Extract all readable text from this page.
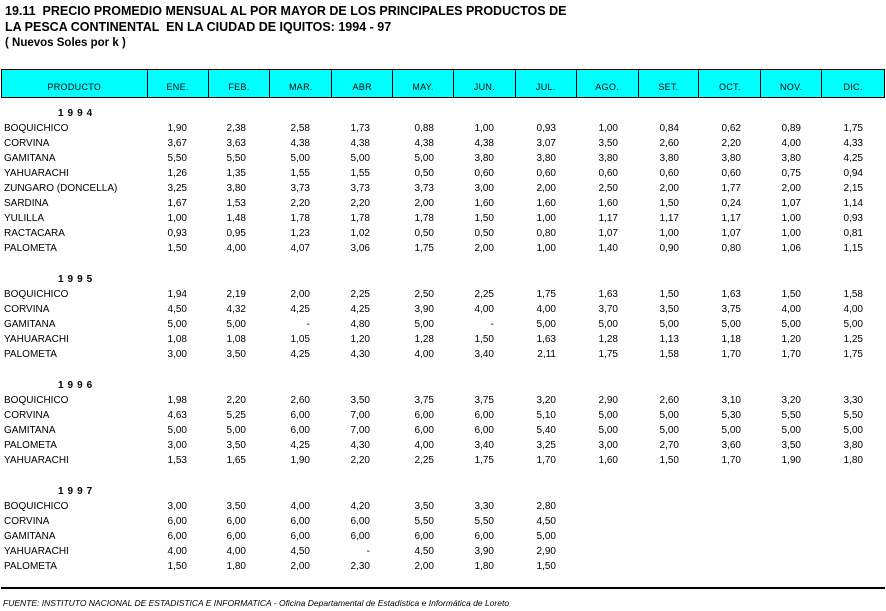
19.11  PRECIO PROMEDIO MENSUAL AL POR MAYOR DE LOS PRINCIPALES PRODUCTOS DE
LA PESCA CONTINENTAL  EN LA CIUDAD DE IQUITOS: 1994 - 97
( Nuevos Soles por k )
PRODUCTO	ENE.	FEB.	MAR.	ABR	MAY.	JUN.	JUL.	AGO.	SET.	OCT.	NOV.	DIC.
1994
BOQUICHICO	1,90	2,38	2,58	1,73	0,88	1,00	0,93	1,00	0,84	0,62	0,89	1,75
CORVINA	3,67	3,63	4,38	4,38	4,38	4,38	3,07	3,50	2,60	2,20	4,00	4,33
GAMITANA	5,50	5,50	5,00	5,00	5,00	3,80	3,80	3,80	3,80	3,80	3,80	4,25
YAHUARACHI	1,26	1,35	1,55	1,55	0,50	0,60	0,60	0,60	0,60	0,60	0,75	0,94
ZUNGARO (DONCELLA)	3,25	3,80	3,73	3,73	3,73	3,00	2,00	2,50	2,00	1,77	2,00	2,15
SARDINA	1,67	1,53	2,20	2,20	2,00	1,60	1,60	1,60	1,50	0,24	1,07	1,14
YULILLA	1,00	1,48	1,78	1,78	1,78	1,50	1,00	1,17	1,17	1,17	1,00	0,93
RACTACARA	0,93	0,95	1,23	1,02	0,50	0,50	0,80	1,07	1,00	1,07	1,00	0,81
PALOMETA	1,50	4,00	4,07	3,06	1,75	2,00	1,00	1,40	0,90	0,80	1,06	1,15
1995
BOQUICHICO	1,94	2,19	2,00	2,25	2,50	2,25	1,75	1,63	1,50	1,63	1,50	1,58
CORVINA	4,50	4,32	4,25	4,25	3,90	4,00	4,00	3,70	3,50	3,75	4,00	4,00
GAMITANA	5,00	5,00	-	4,80	5,00	-	5,00	5,00	5,00	5,00	5,00	5,00
YAHUARACHI	1,08	1,08	1,05	1,20	1,28	1,50	1,63	1,28	1,13	1,18	1,20	1,25
PALOMETA	3,00	3,50	4,25	4,30	4,00	3,40	2,11	1,75	1,58	1,70	1,70	1,75
1996
BOQUICHICO	1,98	2,20	2,60	3,50	3,75	3,75	3,20	2,90	2,60	3,10	3,20	3,30
CORVINA	4,63	5,25	6,00	7,00	6,00	6,00	5,10	5,00	5,00	5,30	5,50	5,50
GAMITANA	5,00	5,00	6,00	7,00	6,00	6,00	5,40	5,00	5,00	5,00	5,00	5,00
PALOMETA	3,00	3,50	4,25	4,30	4,00	3,40	3,25	3,00	2,70	3,60	3,50	3,80
YAHUARACHI	1,53	1,65	1,90	2,20	2,25	1,75	1,70	1,60	1,50	1,70	1,90	1,80
1997
BOQUICHICO	3,00	3,50	4,00	4,20	3,50	3,30	2,80
CORVINA	6,00	6,00	6,00	6,00	5,50	5,50	4,50
GAMITANA	6,00	6,00	6,00	6,00	6,00	6,00	5,00
YAHUARACHI	4,00	4,00	4,50	-	4,50	3,90	2,90
PALOMETA	1,50	1,80	2,00	2,30	2,00	1,80	1,50
FUENTE: INSTITUTO NACIONAL DE ESTADISTICA E INFORMATICA - Oficina Departamental de Estadística e Informática de Loreto
